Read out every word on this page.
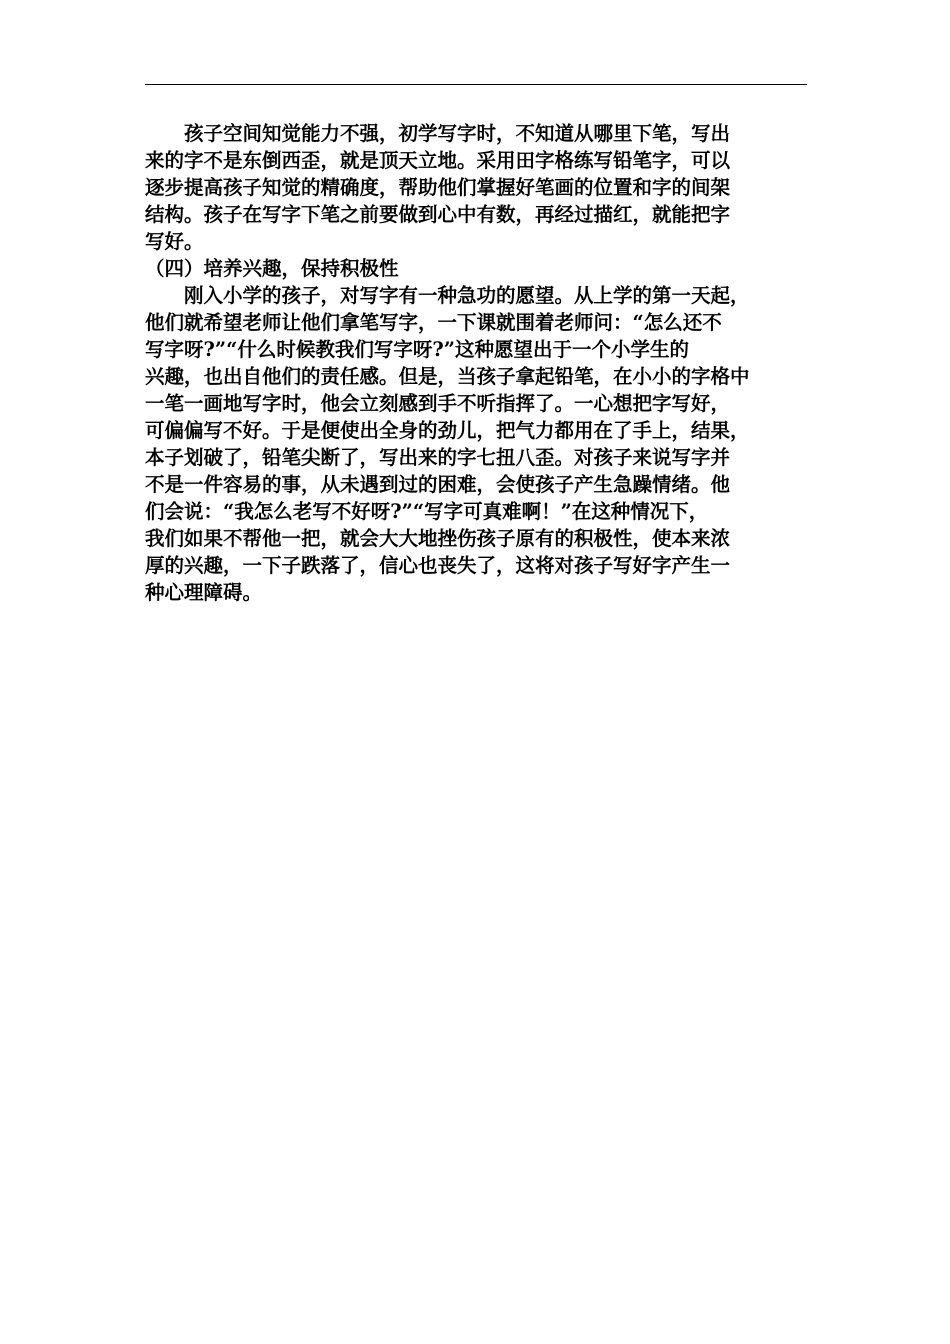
孩子空间知觉能力不强，初学写字时，不知道从哪里下笔，写出
来的字不是东倒西歪，就是顶天立地。采用田字格练写铅笔字，可以
逐步提高孩子知觉的精确度，帮助他们掌握好笔画的位置和字的间架
结构。孩子在写字下笔之前要做到心中有数，再经过描红，就能把字
写好。
（四）培养兴趣，保持积极性
刚入小学的孩子，对写字有一种急功的愿望。从上学的第一天起，
他们就希望老师让他们拿笔写字，一下课就围着老师问：“怎么还不
写字呀?”“什么时候教我们写字呀?”这种愿望出于一个小学生的
兴趣，也出自他们的责任感。但是，当孩子拿起铅笔，在小小的字格中
一笔一画地写字时，他会立刻感到手不听指挥了。一心想把字写好，
可偏偏写不好。于是便使出全身的劲儿，把气力都用在了手上，结果，
本子划破了，铅笔尖断了，写出来的字七扭八歪。对孩子来说写字并
不是一件容易的事，从未遇到过的困难，会使孩子产生急躁情绪。他
们会说：“我怎么老写不好呀?”“写字可真难啊！”在这种情况下，
我们如果不帮他一把，就会大大地挫伤孩子原有的积极性，使本来浓
厚的兴趣，一下子跌落了，信心也丧失了，这将对孩子写好字产生一
种心理障碍。
